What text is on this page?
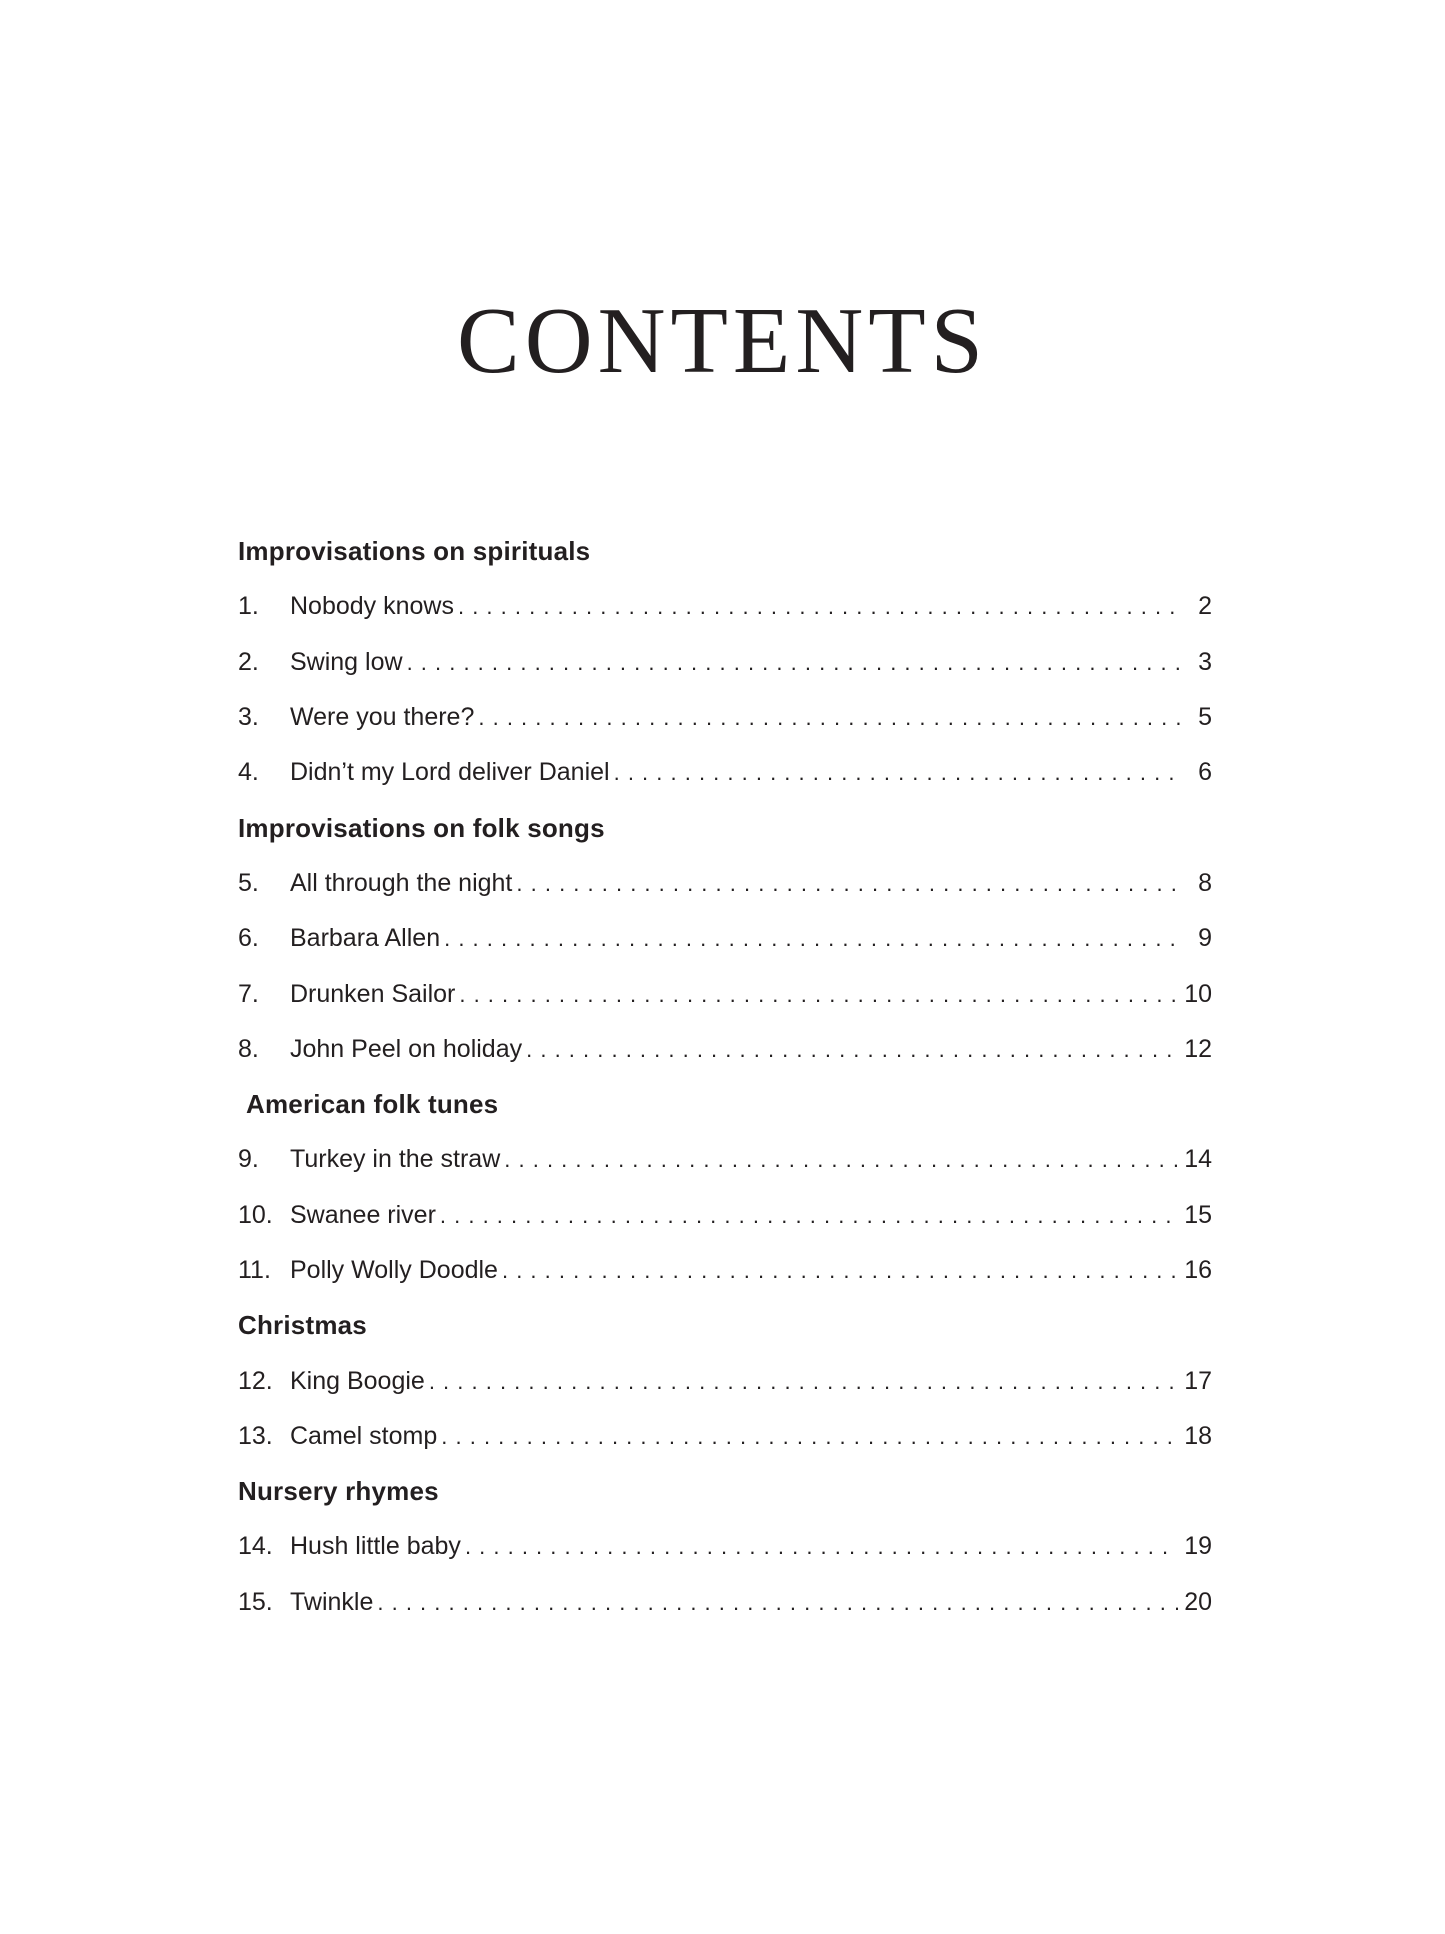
CONTENTS
Improvisations on spirituals
1.	Nobody knows . . .	2
2.	Swing low . . .	3
3.	Were you there? . . .	5
4.	Didn’t my Lord deliver Daniel . . .	6
Improvisations on folk songs
5.	All through the night . . .	8
6.	Barbara Allen . . .	9
7.	Drunken Sailor . . .	10
8.	John Peel on holiday . . .	12
American folk tunes
9.	Turkey in the straw . . .	14
10. Swanee river . . .	15
11. Polly Wolly Doodle . . .	16
Christmas
12. King Boogie . . .	17
13. Camel stomp . . .	18
Nursery rhymes
14. Hush little baby . . .	19
15. Twinkle . . .	20
